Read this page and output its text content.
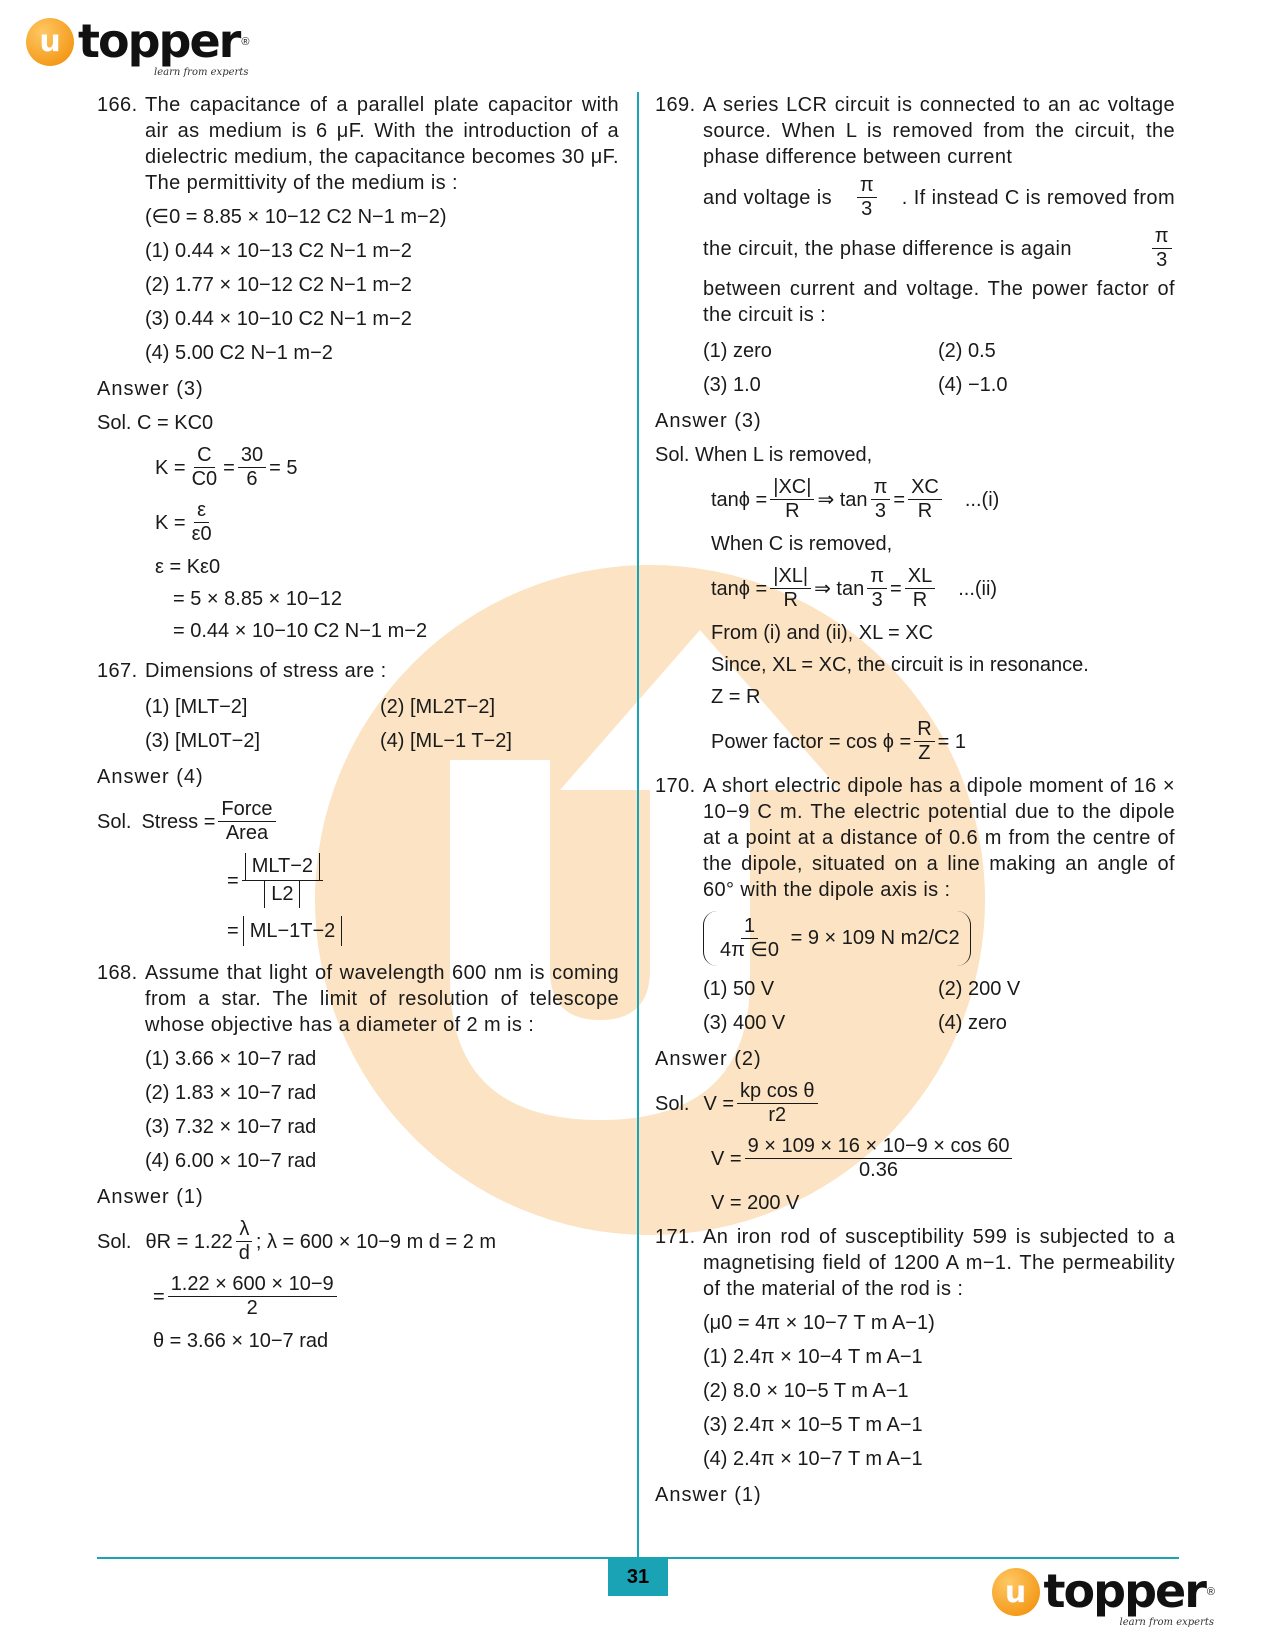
u topper ®
learn from experts
166. The capacitance of a parallel plate capacitor with air as medium is 6 μF. With the introduction of a dielectric medium, the capacitance becomes 30 μF. The permittivity of the medium is :
(∈0 = 8.85 × 10−12 C2 N−1 m−2)
(1) 0.44 × 10−13 C2 N−1 m−2
(2) 1.77 × 10−12 C2 N−1 m−2
(3) 0.44 × 10−10 C2 N−1 m−2
(4) 5.00 C2 N−1 m−2
Answer (3)
Sol. C = KC0
$K = \frac{C}{C0} = \frac{30}{6} = 5$
$K = \frac{\varepsilon}{\varepsilon 0}$
ε = Kε0
= 5 × 8.85 × 10−12
= 0.44 × 10−10 C2 N−1 m−2
167. Dimensions of stress are :
(1) [MLT−2]	(2) [ML2T−2]
(3) [ML0T−2]	(4) [ML−1 T−2]
Answer (4)
Sol. Stress = $\frac{\text{Force}}{\text{Area}}$
= $\frac{\text{MLT−2}}{L2}$
= ML−1T−2
168. Assume that light of wavelength 600 nm is coming from a star. The limit of resolution of telescope whose objective has a diameter of 2 m is :
(1) 3.66 × 10−7 rad
(2) 1.83 × 10−7 rad
(3) 7.32 × 10−7 rad
(4) 6.00 × 10−7 rad
Answer (1)
Sol. $\theta R = 1.22 \frac{\lambda}{d}$ ; λ = 600 × 10−9 m d = 2 m
= $\frac{1.22 \times 600 \times 10-9}{2}$
θ = 3.66 × 10−7 rad
169. A series LCR circuit is connected to an ac voltage source. When L is removed from the circuit, the phase difference between current
and voltage is $\frac{\pi}{3}$ . If instead C is removed from
the circuit, the phase difference is again	$\frac{\pi}{3}$
between current and voltage. The power factor of the circuit is :
(1) zero	(2) 0.5
(3) 1.0	(4) −1.0
Answer (3)
Sol. When L is removed,
$\tan\phi = \frac{|XC|}{R}$ ⇒ $\tan \frac{\pi}{3} = \frac{XC}{R} ...(i)$
When C is removed,
$\tan\phi = \frac{|XL|}{R}$ ⇒ $\tan \frac{\pi}{3} = \frac{XL}{R} ...(ii)$
From (i) and (ii), XL = XC
Since, XL = XC, the circuit is in resonance.
Z = R
Power factor = $\cos \phi = \frac{R}{Z} = 1$
170. A short electric dipole has a dipole moment of 16 × 10−9 C m. The electric potential due to the dipole at a point at a distance of 0.6 m from the centre of the dipole, situated on a line making an angle of 60° with the dipole axis is :
$\frac{1}{4\pi \in 0} = 9 \times 109$ N m2/C2
(1) 50 V	(2) 200 V
(3) 400 V	(4) zero
Answer (2)
Sol. $V = \frac{\text{kp cos θ}}{r2}$
$V = \frac{9 \times 109 \times 16 \times 10-9 \times \cos 60}{0.36}$
V = 200 V
171. An iron rod of susceptibility 599 is subjected to a magnetising field of 1200 A m−1. The permeability of the material of the rod is :
(μ0 = 4π × 10−7 T m A−1)
(1) 2.4π × 10−4 T m A−1
(2) 8.0 × 10−5 T m A−1
(3) 2.4π × 10−5 T m A−1
(4) 2.4π × 10−7 T m A−1
Answer (1)
31	u topper ®
learn from experts
